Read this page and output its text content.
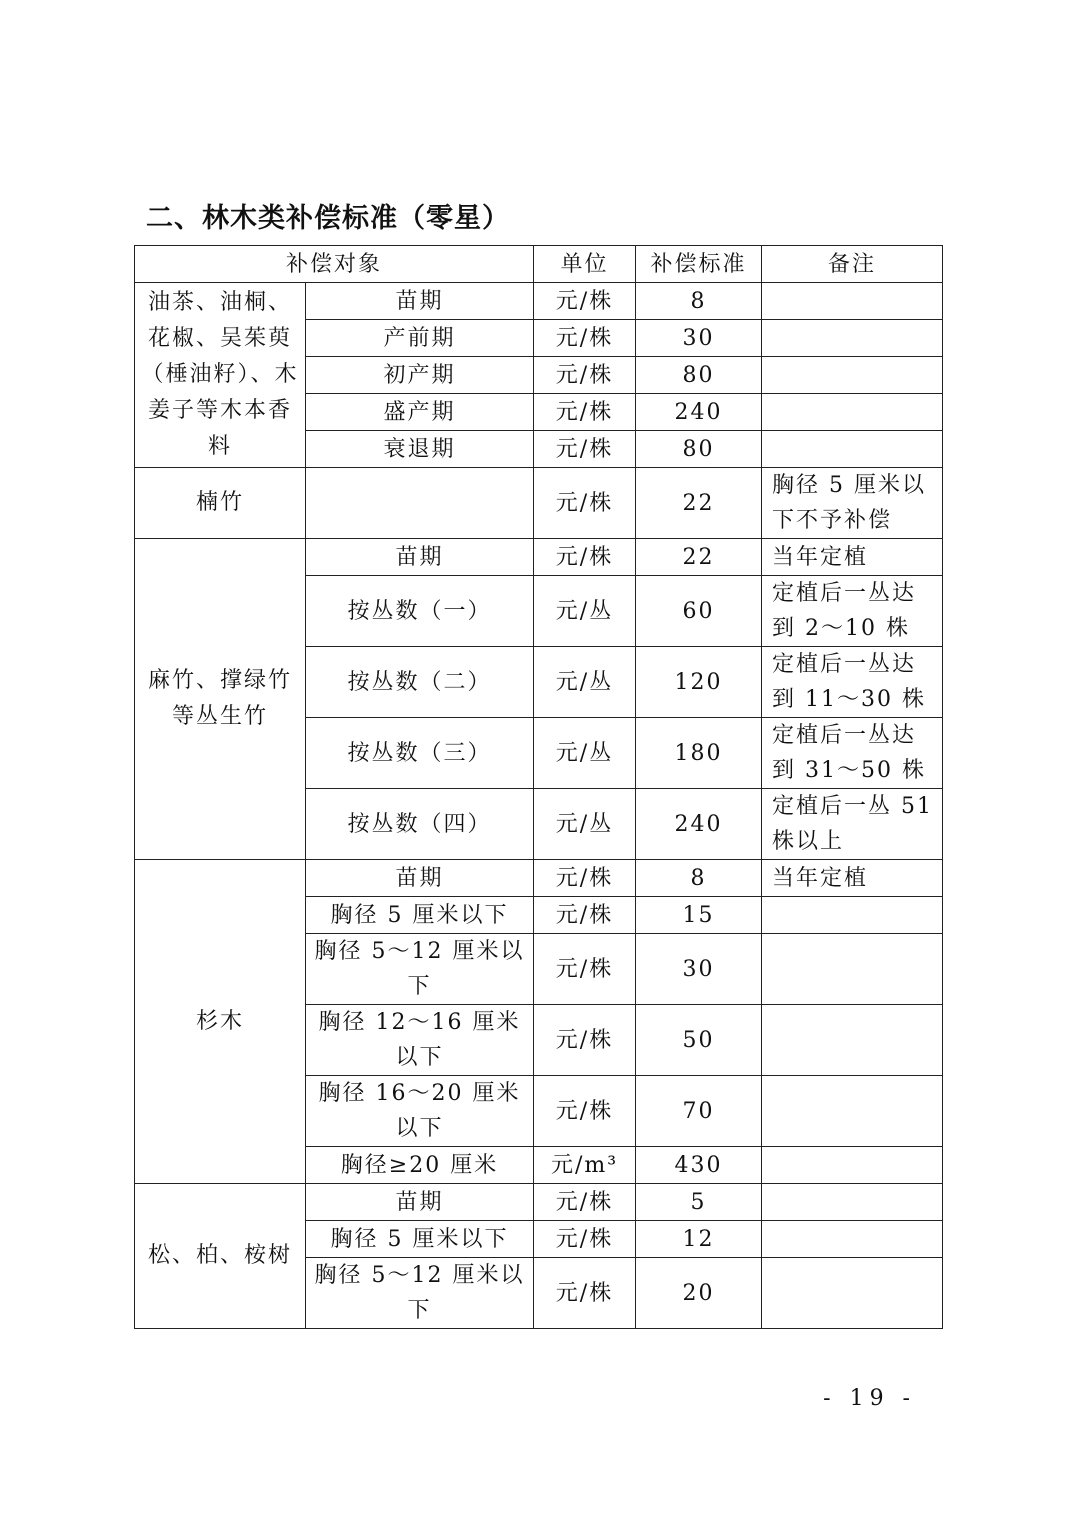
二、林木类补偿标准（零星）
补偿对象		单位	补偿标准	备注
油茶、油桐、花椒、吴茱萸（棰油籽）、木姜子等木本香料	苗期	元/株	8	
	产前期	元/株	30	
	初产期	元/株	80	
	盛产期	元/株	240	
	衰退期	元/株	80	
楠竹		元/株	22	胸径 5 厘米以下不予补偿
麻竹、撑绿竹等丛生竹	苗期	元/株	22	当年定植
	按丛数（一）	元/丛	60	定植后一丛达到 2～10 株
	按丛数（二）	元/丛	120	定植后一丛达到 11～30 株
	按丛数（三）	元/丛	180	定植后一丛达到 31～50 株
	按丛数（四）	元/丛	240	定植后一丛 51 株以上
杉木	苗期	元/株	8	当年定植
	胸径 5 厘米以下	元/株	15	
	胸径 5～12 厘米以下	元/株	30	
	胸径 12～16 厘米以下	元/株	50	
	胸径 16～20 厘米以下	元/株	70	
	胸径≥20 厘米	元/m³	430	
松、柏、桉树	苗期	元/株	5	
	胸径 5 厘米以下	元/株	12	
	胸径 5～12 厘米以下	元/株	20	
- 19 -
